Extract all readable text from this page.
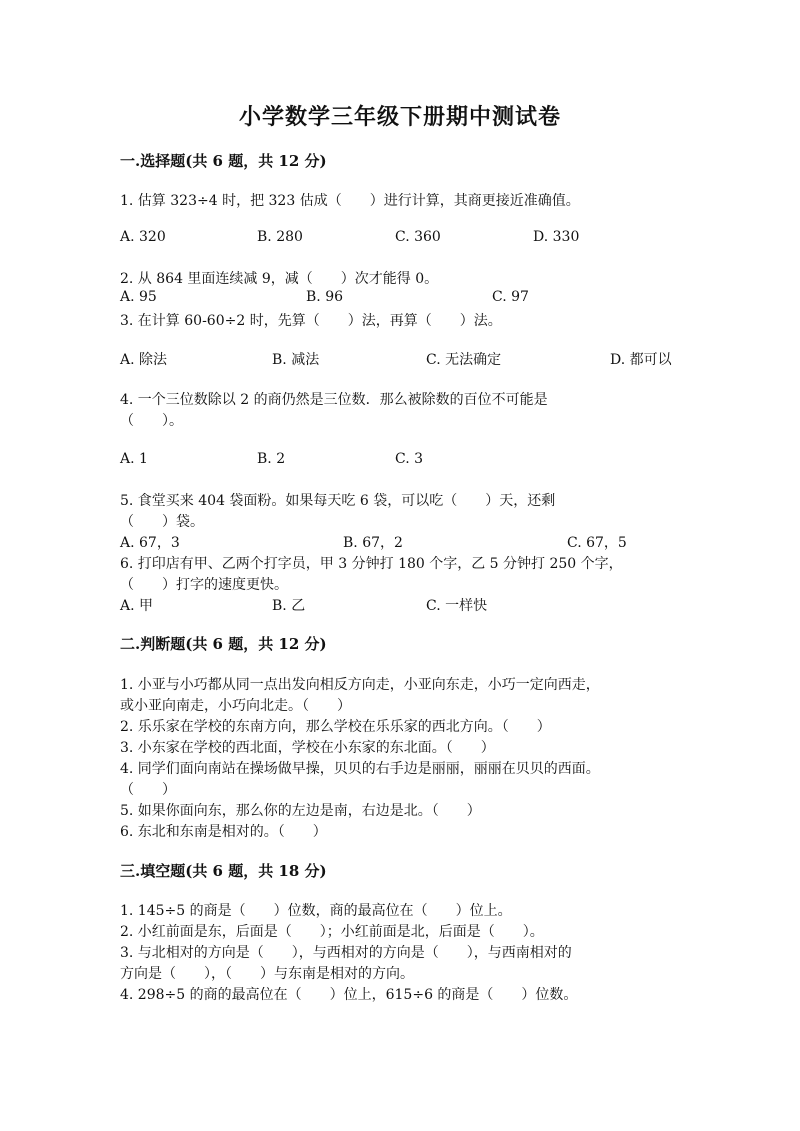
小学数学三年级下册期中测试卷
一.选择题(共 6 题，共 12 分)
1. 估算 323÷4 时，把 323 估成（　　）进行计算，其商更接近准确值。
A. 320	B. 280	C. 360	D. 330
2. 从 864 里面连续减 9，减（　　）次才能得 0。
A. 95	B. 96	C. 97
3. 在计算 60-60÷2 时，先算（　　）法，再算（　　）法。
A. 除法	B. 减法	C. 无法确定	D. 都可以
4. 一个三位数除以 2 的商仍然是三位数．那么被除数的百位不可能是
（　　）。
A. 1	B. 2	C. 3
5. 食堂买来 404 袋面粉。如果每天吃 6 袋，可以吃（　　）天，还剩
（　　）袋。
A. 67，3	B. 67，2	C. 67，5
6. 打印店有甲、乙两个打字员，甲 3 分钟打 180 个字，乙 5 分钟打 250 个字，
（　　）打字的速度更快。
A. 甲	B. 乙	C. 一样快
二.判断题(共 6 题，共 12 分)
1. 小亚与小巧都从同一点出发向相反方向走，小亚向东走，小巧一定向西走，
或小亚向南走，小巧向北走。（　　）
2. 乐乐家在学校的东南方向，那么学校在乐乐家的西北方向。（　　）
3. 小东家在学校的西北面，学校在小东家的东北面。（　　）
4. 同学们面向南站在操场做早操，贝贝的右手边是丽丽，丽丽在贝贝的西面。
（　　）
5. 如果你面向东，那么你的左边是南，右边是北。（　　）
6. 东北和东南是相对的。（　　）
三.填空题(共 6 题，共 18 分)
1. 145÷5 的商是（　　）位数，商的最高位在（　　）位上。
2. 小红前面是东，后面是（　　）；小红前面是北，后面是（　　）。
3. 与北相对的方向是（　　），与西相对的方向是（　　），与西南相对的
方向是（　　），（　　）与东南是相对的方向。
4. 298÷5 的商的最高位在（　　）位上，615÷6 的商是（　　）位数。
